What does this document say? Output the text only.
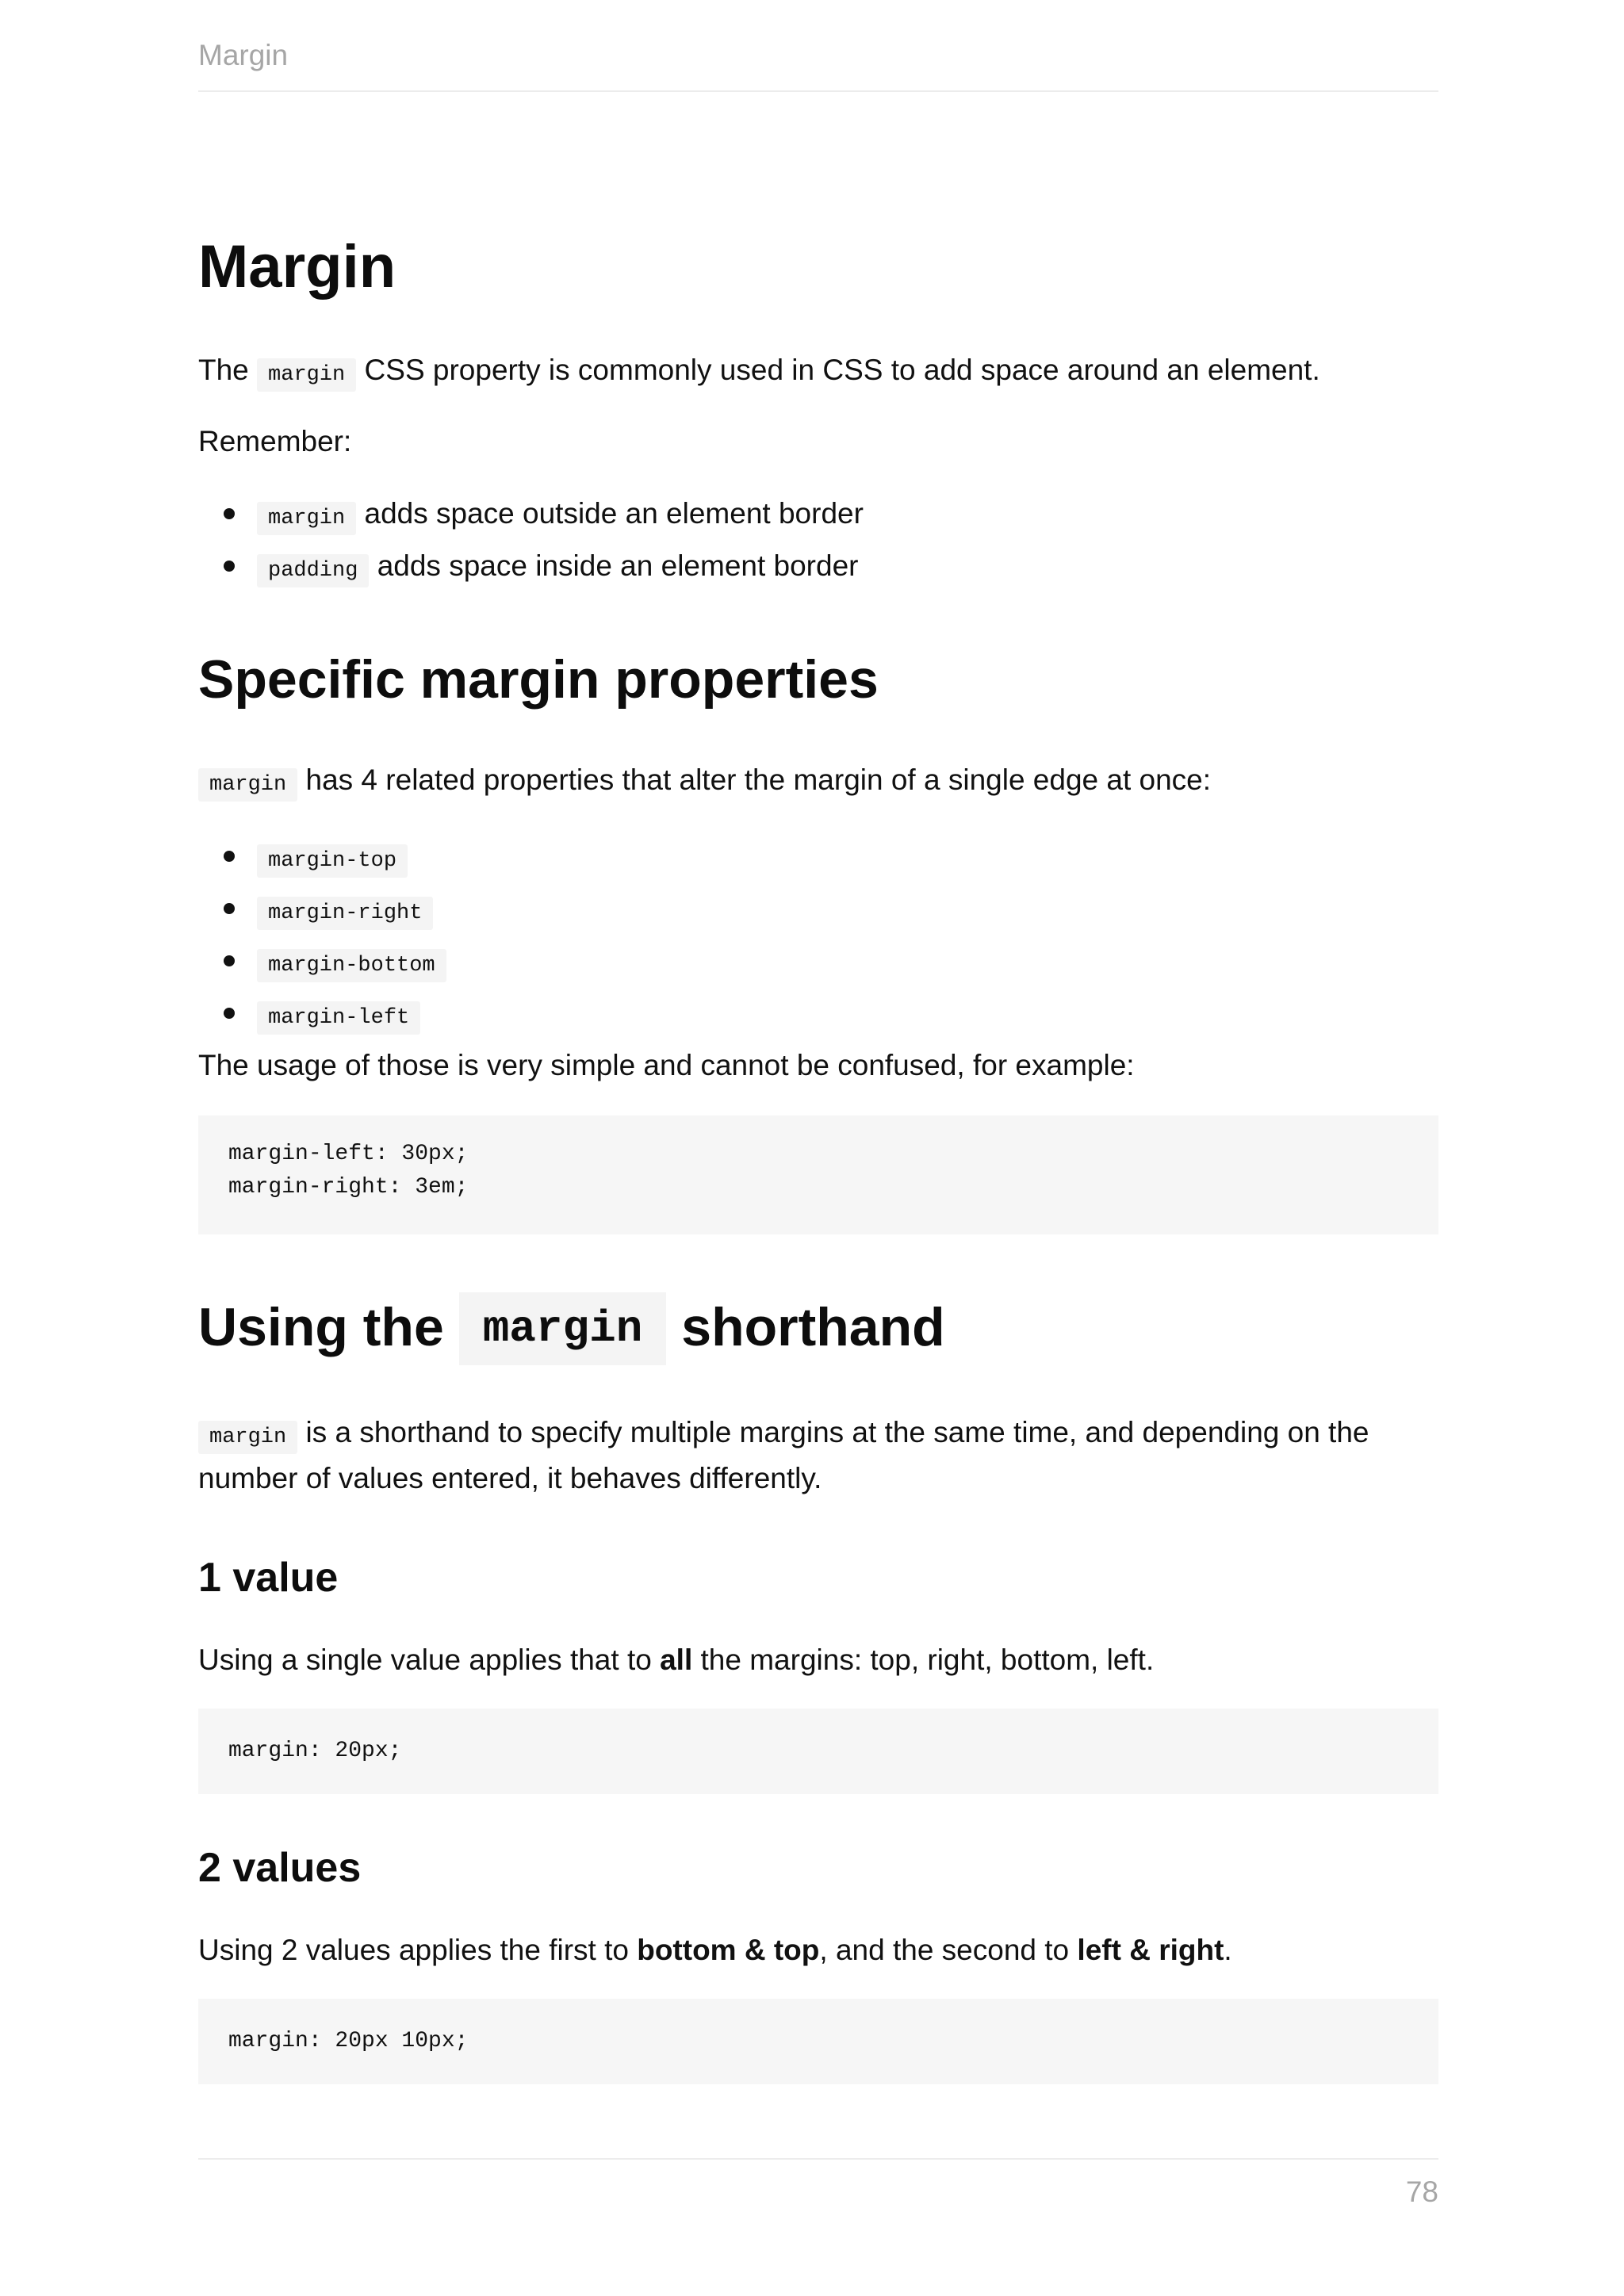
Margin
Margin

The margin CSS property is commonly used in CSS to add space around an element.

Remember:

margin adds space outside an element border
padding adds space inside an element border
Specific margin properties

margin has 4 related properties that alter the margin of a single edge at once:

margin-top
margin-right
margin-bottom
margin-left

The usage of those is very simple and cannot be confused, for example:

margin-left: 30px;
margin-right: 3em;
Using the margin shorthand

margin is a shorthand to specify multiple margins at the same time, and depending on the

number of values entered, it behaves differently.

1 value

Using a single value applies that to all the margins: top, right, bottom, left.

margin: 20px;
2 values

Using 2 values applies the first to bottom & top, and the second to left & right.

margin: 20px 10px;
78
